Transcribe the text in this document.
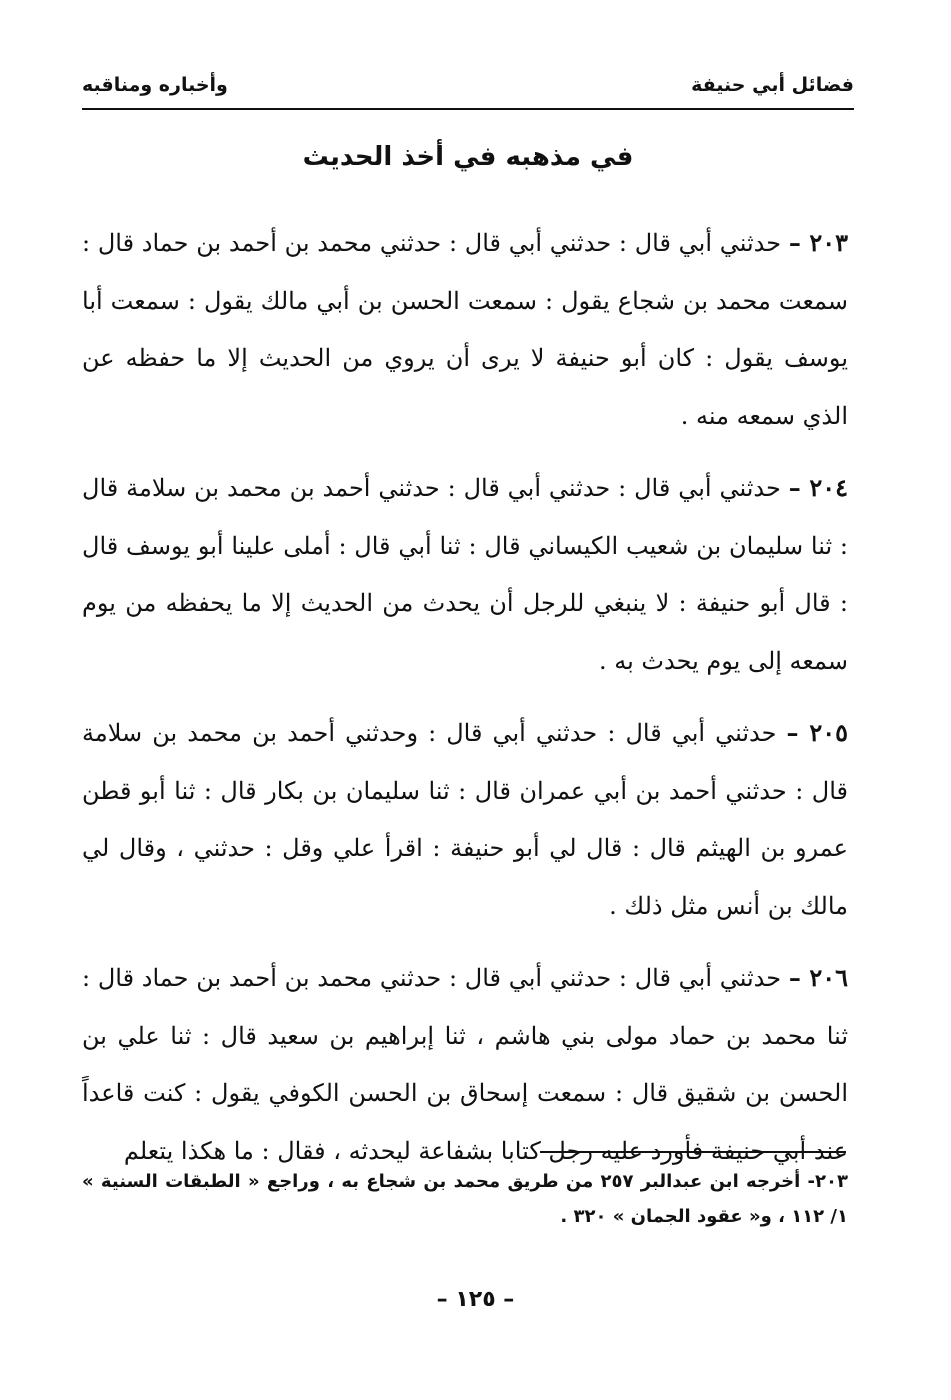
فضائل أبي حنيفة
وأخباره ومناقبه
في مذهبه في أخذ الحديث

٢٠٣ – حدثني أبي قال : حدثني أبي قال : حدثني محمد بن أحمد بن حماد قال : سمعت محمد بن شجاع يقول : سمعت الحسن بن أبي مالك يقول : سمعت أبا يوسف يقول : كان أبو حنيفة لا يرى أن يروي من الحديث إلا ما حفظه عن الذي سمعه منه .

٢٠٤ – حدثني أبي قال : حدثني أبي قال : حدثني أحمد بن محمد بن سلامة قال : ثنا سليمان بن شعيب الكيساني قال : ثنا أبي قال : أملى علينا أبو يوسف قال : قال أبو حنيفة : لا ينبغي للرجل أن يحدث من الحديث إلا ما يحفظه من يوم سمعه إلى يوم يحدث به .

٢٠٥ – حدثني أبي قال : حدثني أبي قال : وحدثني أحمد بن محمد بن سلامة قال : حدثني أحمد بن أبي عمران قال : ثنا سليمان بن بكار قال : ثنا أبو قطن عمرو بن الهيثم قال : قال لي أبو حنيفة : اقرأ علي وقل : حدثني ، وقال لي مالك بن أنس مثل ذلك .

٢٠٦ – حدثني أبي قال : حدثني أبي قال : حدثني محمد بن أحمد بن حماد قال : ثنا محمد بن حماد مولى بني هاشم ، ثنا إبراهيم بن سعيد قال : ثنا علي بن الحسن بن شقيق قال : سمعت إسحاق بن الحسن الكوفي يقول : كنت قاعداً عند أبي حنيفة فأورد عليه رجل كتابا بشفاعة ليحدثه ، فقال : ما هكذا يتعلم

٢٠٣- أخرجه ابن عبدالبر ٢٥٧ من طريق محمد بن شجاع به ، وراجع « الطبقات السنية » ١/ ١١٢ ، و« عقود الجمان » ٣٢٠ .
– ١٢٥ –
